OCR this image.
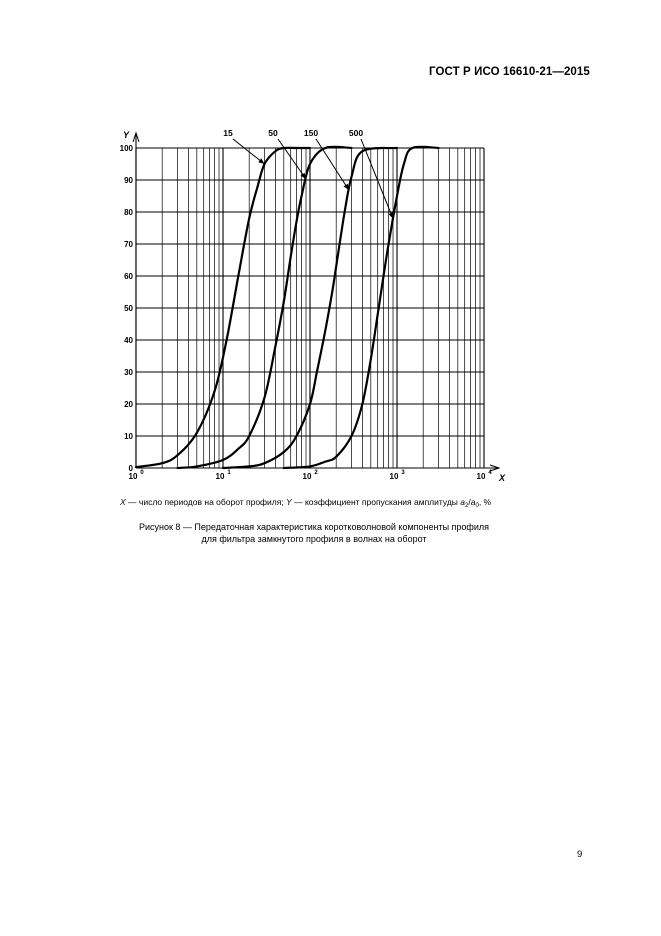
ГОСТ Р ИСО 16610-21—2015
15	50	150	500
0
10
20
30
40
50
60
70
80
90
100
10 0	10 1	10 2	10 3	10 4
Y
X
X — число периодов на оборот профиля; Y — коэффициент пропускания амплитуды $a_2/a_0$, %
Рисунок 8 — Передаточная характеристика коротковолновой компоненты профиля
для фильтра замкнутого профиля в волнах на оборот
9
